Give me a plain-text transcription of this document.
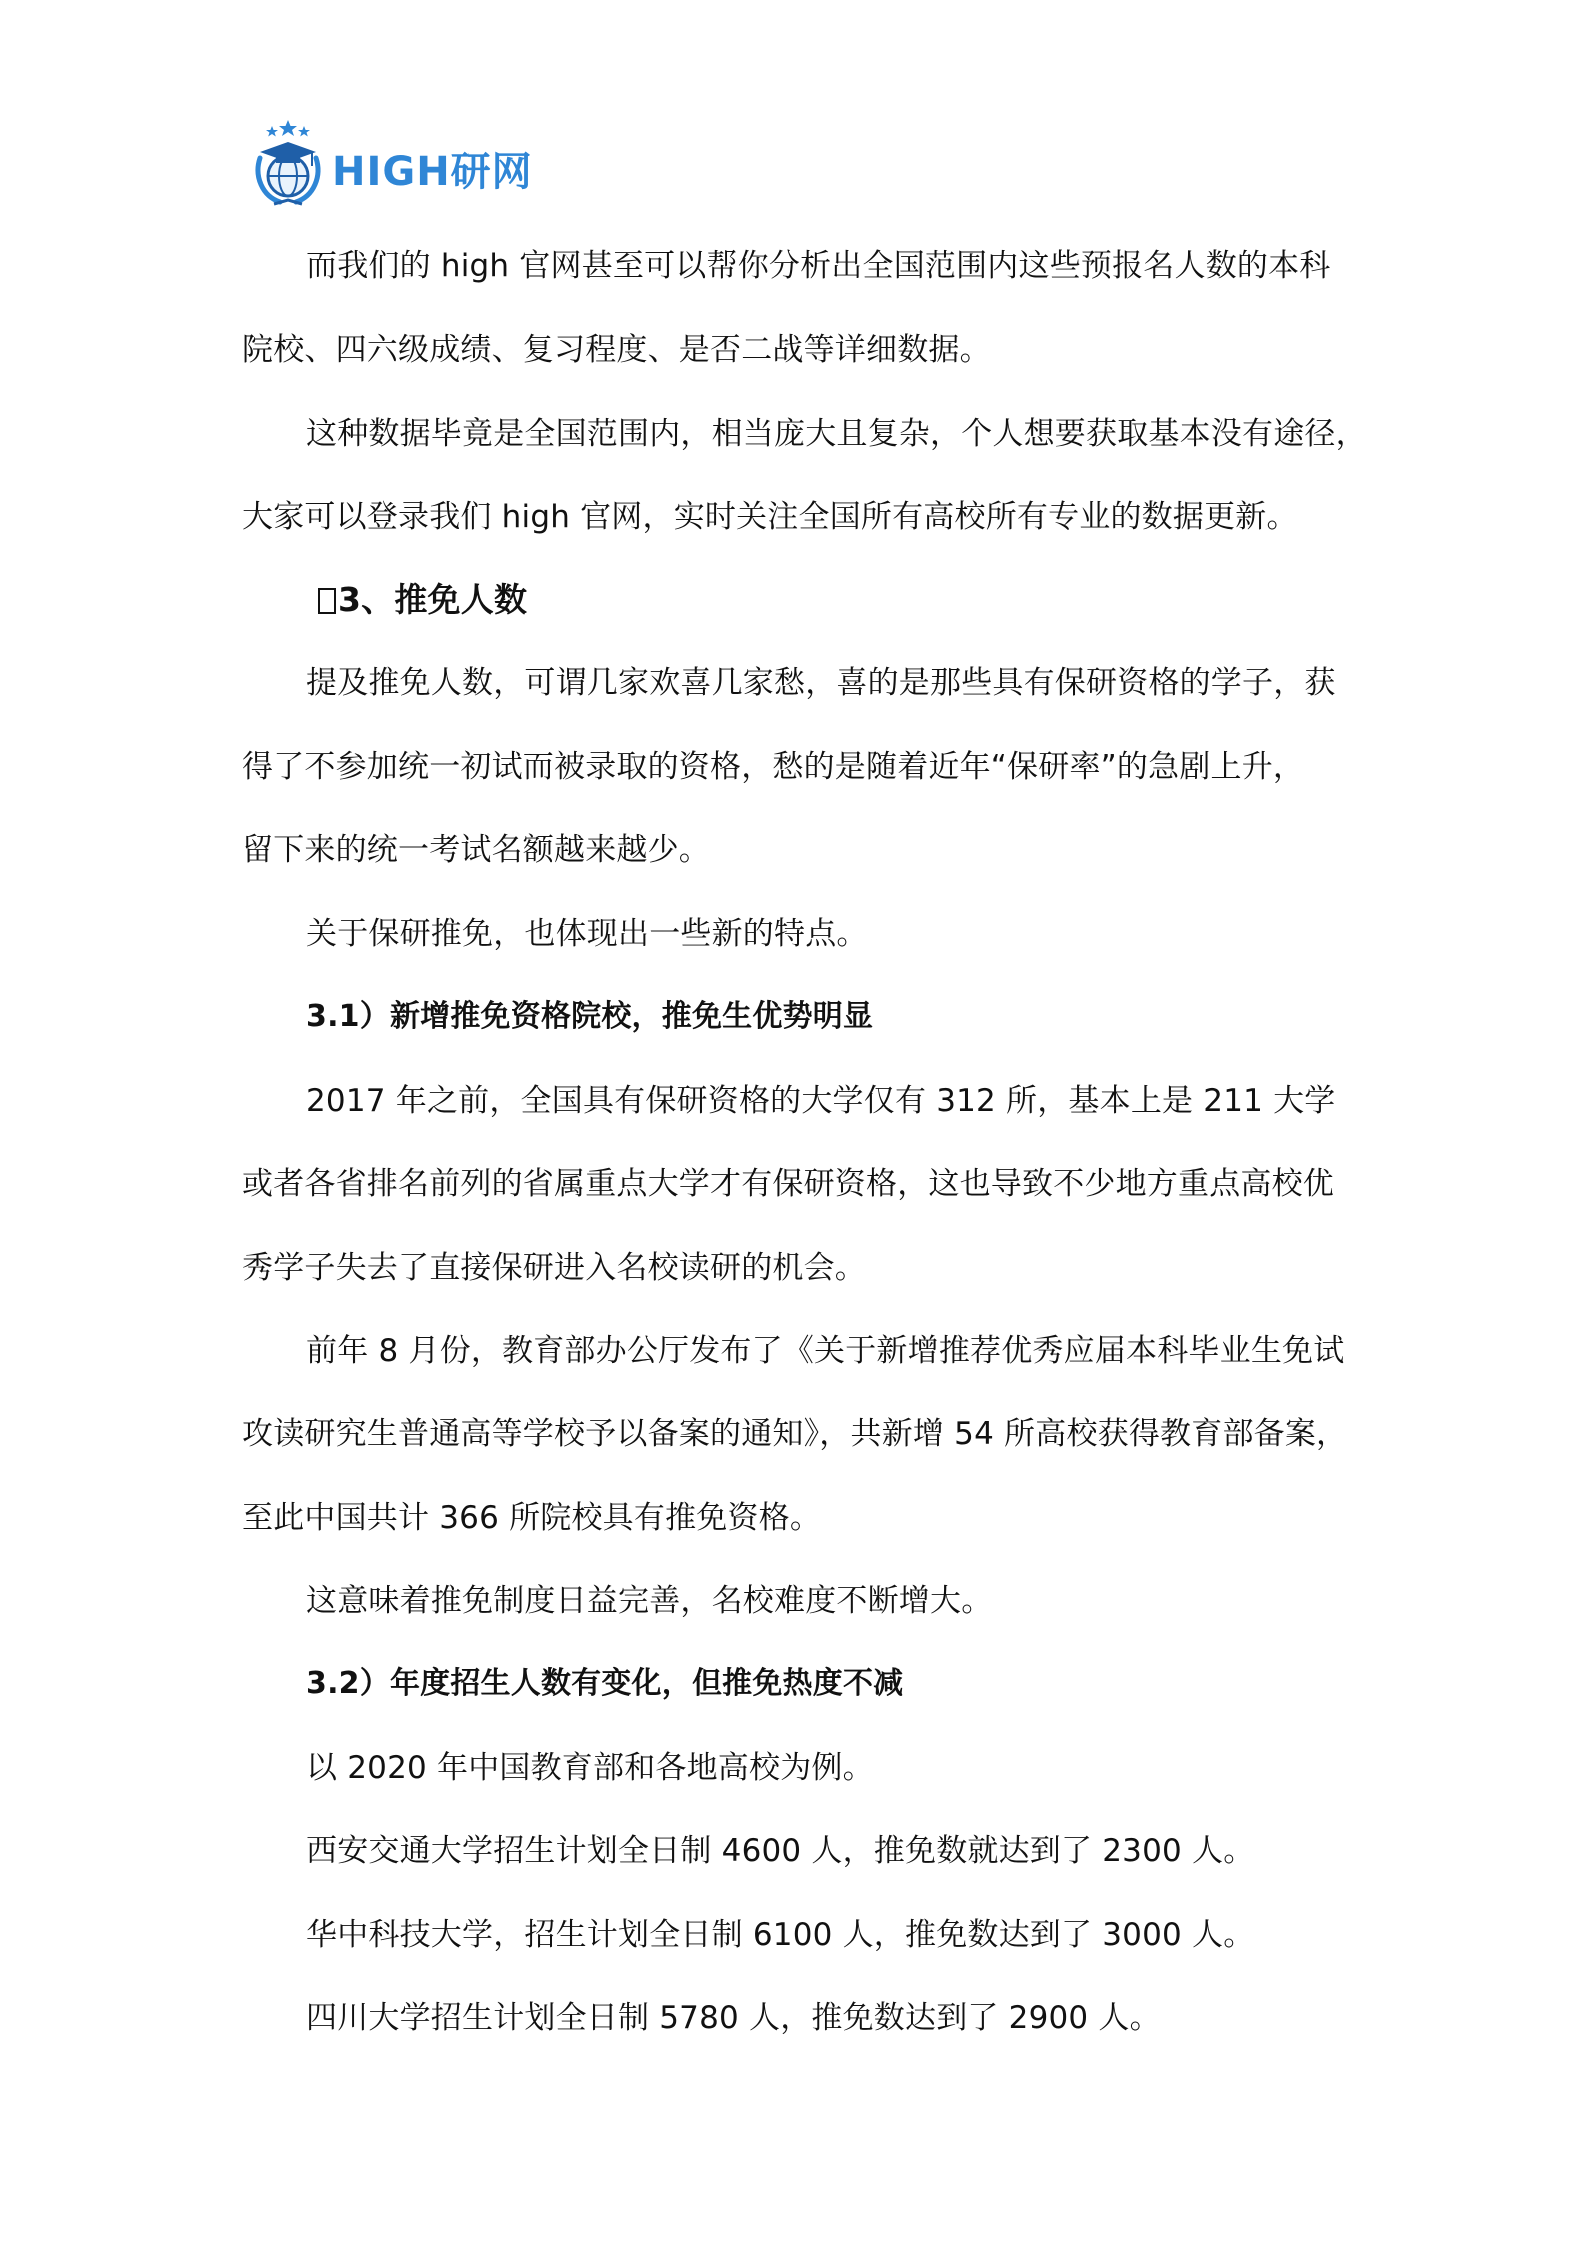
HIGH研网
而我们的 high 官网甚至可以帮你分析出全国范围内这些预报名人数的本科
院校、四六级成绩、复习程度、是否二战等详细数据。
这种数据毕竟是全国范围内，相当庞大且复杂，个人想要获取基本没有途径，
大家可以登录我们 high 官网，实时关注全国所有高校所有专业的数据更新。
3、推免人数
提及推免人数，可谓几家欢喜几家愁，喜的是那些具有保研资格的学子，获
得了不参加统一初试而被录取的资格，愁的是随着近年“保研率”的急剧上升，
留下来的统一考试名额越来越少。
关于保研推免，也体现出一些新的特点。
3.1）新增推免资格院校，推免生优势明显
2017 年之前，全国具有保研资格的大学仅有 312 所，基本上是 211 大学
或者各省排名前列的省属重点大学才有保研资格，这也导致不少地方重点高校优
秀学子失去了直接保研进入名校读研的机会。
前年 8 月份，教育部办公厅发布了《关于新增推荐优秀应届本科毕业生免试
攻读研究生普通高等学校予以备案的通知》，共新增 54 所高校获得教育部备案，
至此中国共计 366 所院校具有推免资格。
这意味着推免制度日益完善，名校难度不断增大。
3.2）年度招生人数有变化，但推免热度不减
以 2020 年中国教育部和各地高校为例。
西安交通大学招生计划全日制 4600 人，推免数就达到了 2300 人。
华中科技大学，招生计划全日制 6100 人，推免数达到了 3000 人。
四川大学招生计划全日制 5780 人，推免数达到了 2900 人。
